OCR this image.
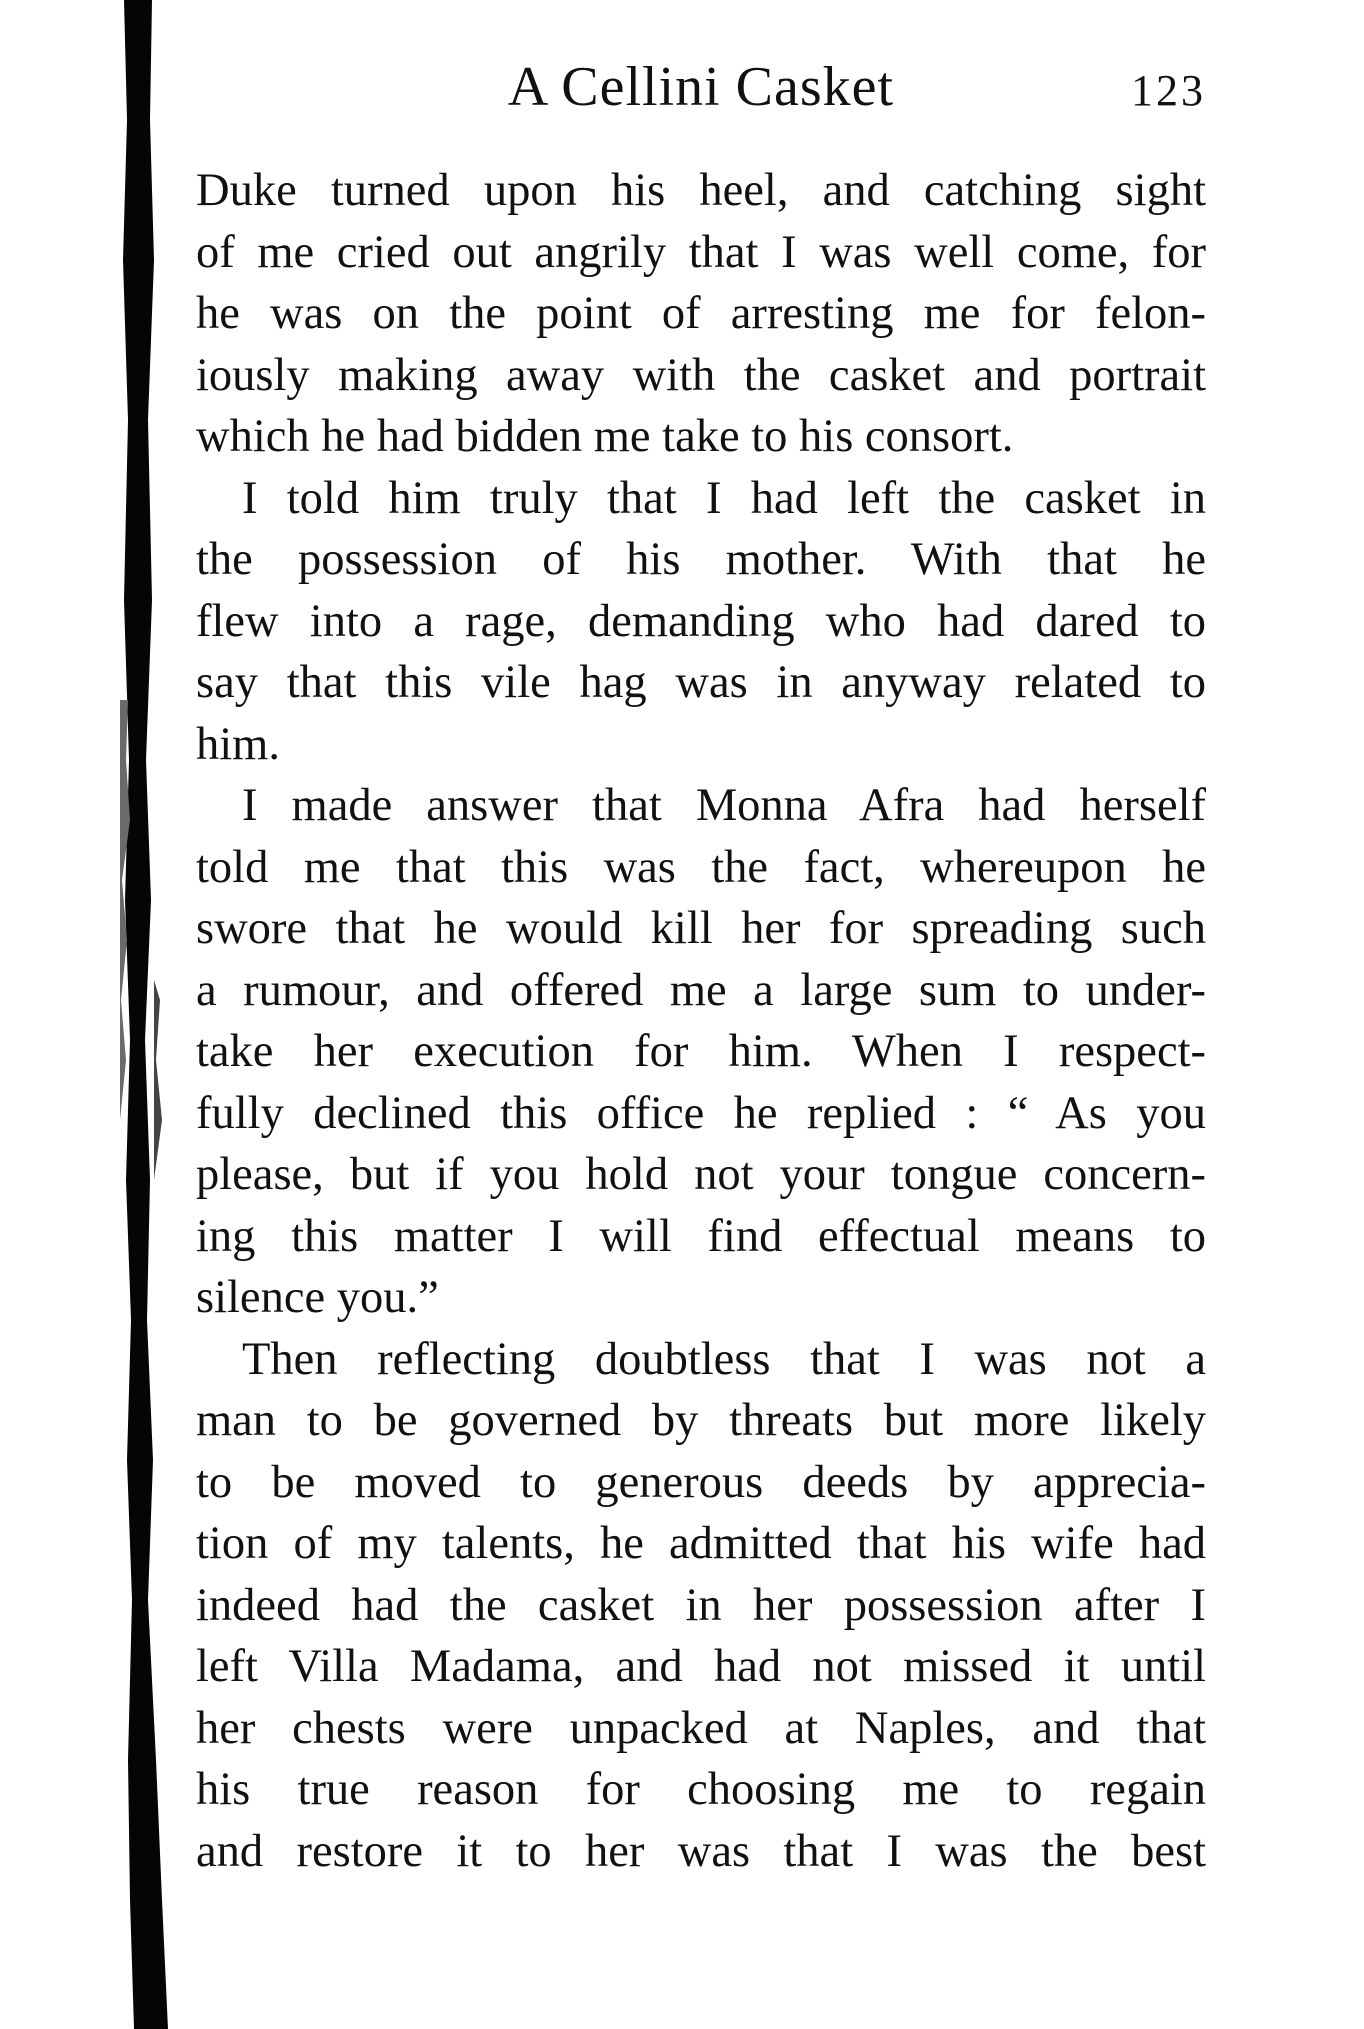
A Cellini Casket	123
Duke turned upon his heel, and catching sight
of me cried out angrily that I was well come, for
he was on the point of arresting me for felon-
iously making away with the casket and portrait
which he had bidden me take to his consort.
I told him truly that I had left the casket in
the possession of his mother. With that he
flew into a rage, demanding who had dared to
say that this vile hag was in anyway related to
him.
I made answer that Monna Afra had herself
told me that this was the fact, whereupon he
swore that he would kill her for spreading such
a rumour, and offered me a large sum to under-
take her execution for him. When I respect-
fully declined this office he replied : “ As you
please, but if you hold not your tongue concern-
ing this matter I will find effectual means to
silence you.”
Then reflecting doubtless that I was not a
man to be governed by threats but more likely
to be moved to generous deeds by apprecia-
tion of my talents, he admitted that his wife had
indeed had the casket in her possession after I
left Villa Madama, and had not missed it until
her chests were unpacked at Naples, and that
his true reason for choosing me to regain
and restore it to her was that I was the best
